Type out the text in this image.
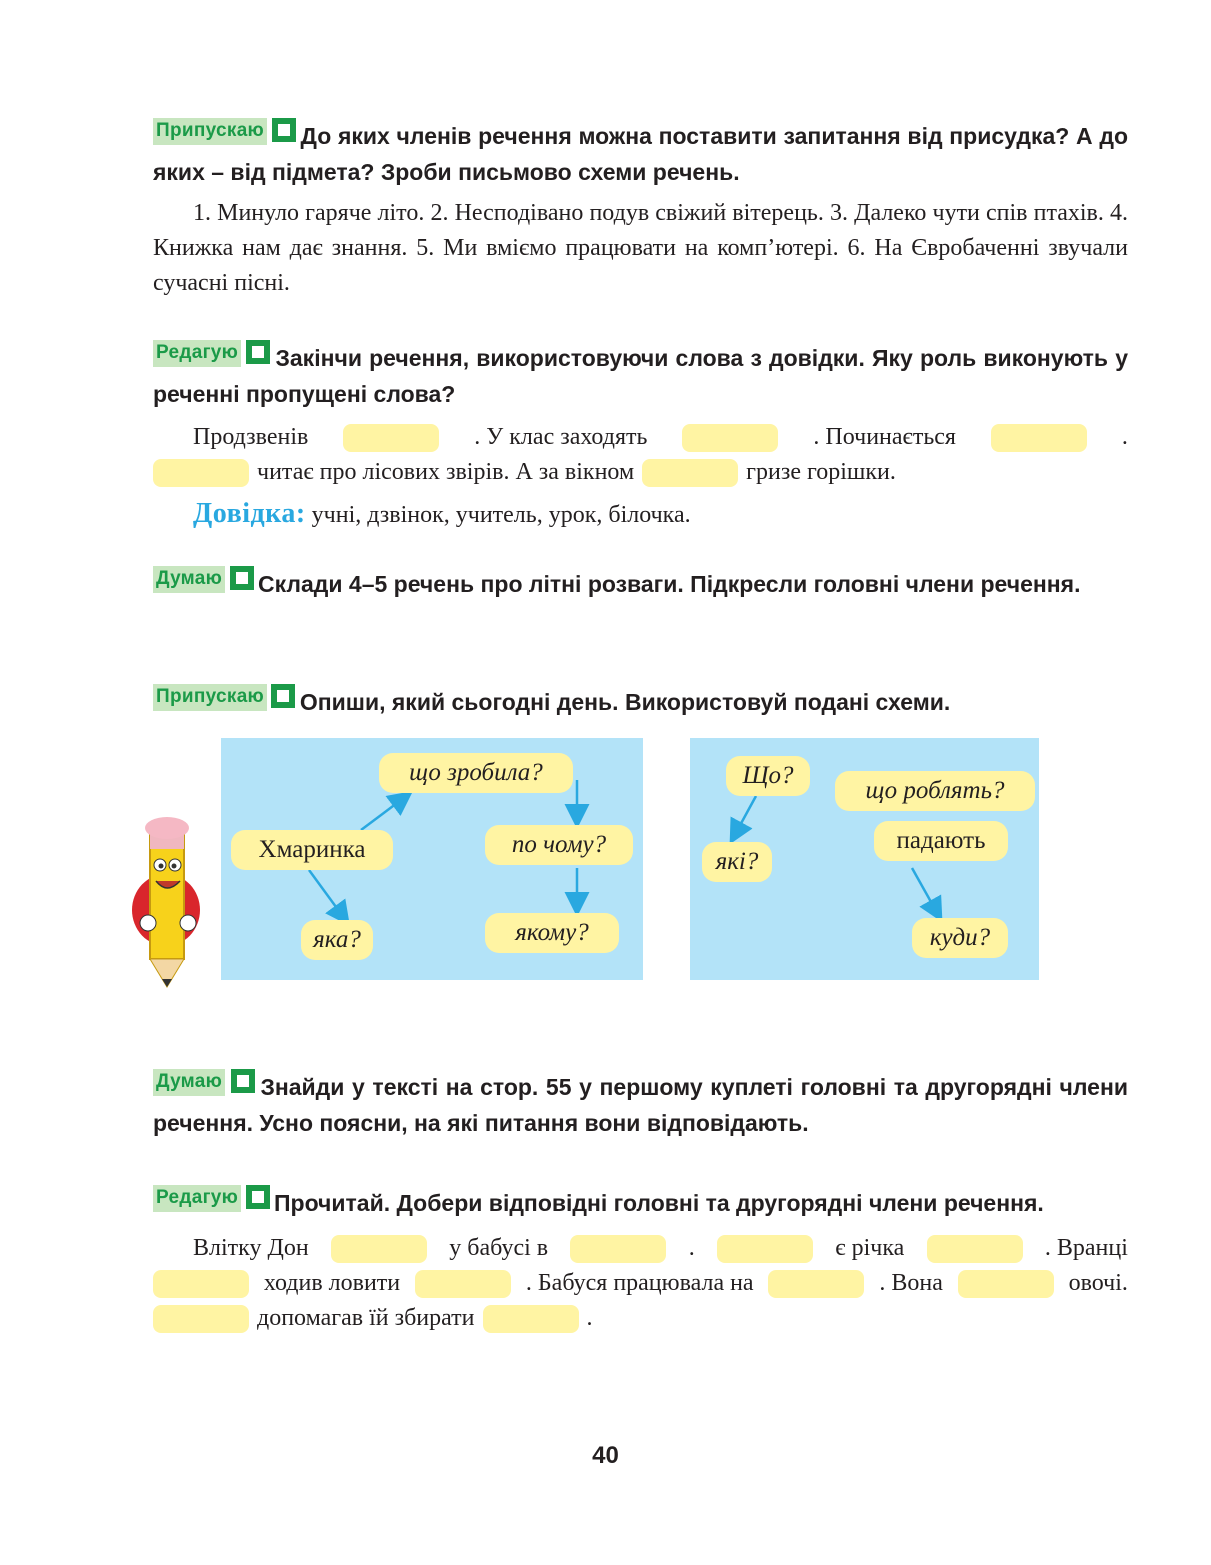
Припускаю До яких членів речення можна поставити запитання від присудка? А до яких – від підмета? Зроби письмово схеми речень.

1. Минуло гаряче літо. 2. Несподівано подув свіжий вітерець. 3. Далеко чути спів птахів. 4. Книжка нам дає знання. 5. Ми вміємо працювати на комп’ютері. 6. На Євробаченні звучали сучасні пісні.

Редагую Закінчи речення, використовуючи слова з довідки. Яку роль виконують у реченні пропущені слова?
Продзвенів	. У клас заходять	. Починається	.
читає про лісових звірів. А за вікном	гризе горішки.
Довідка: учні, дзвінок, учитель, урок, білочка.
Думаю Склади 4–5 речень про літні розваги. Підкресли головні члени речення.
Припускаю Опиши, який сьогодні день. Використовуй подані схеми.
що зробила?
Хмаринка	по чому?
яка?	якому?
Що?
що роблять?
які?
падають
куди?
Думаю Знайди у тексті на стор. 55 у першому куплеті головні та другорядні члени речення. Усно поясни, на які питання вони відповідають.
Редагую Прочитай. Добери відповідні головні та другорядні члени речення.
Влітку Дон	у бабусі в	.	є річка	. Вранці
ходив ловити	. Бабуся працювала на	. Вона	овочі.
допомагав їй збирати	.
40
